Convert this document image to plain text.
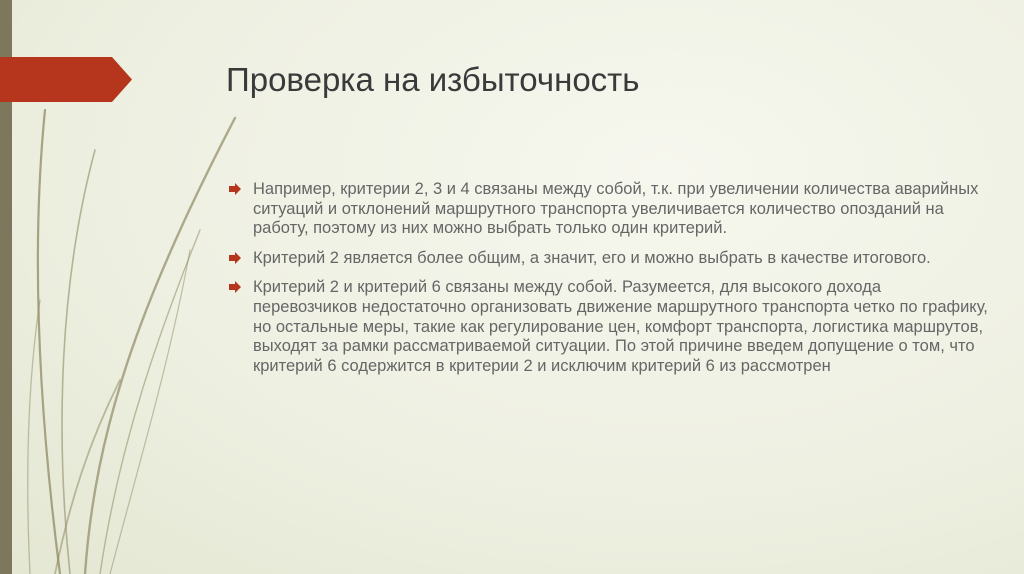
Проверка на избыточность
Например, критерии 2, 3 и 4 связаны между собой, т.к. при увеличении количества аварийных ситуаций и отклонений маршрутного транспорта увеличивается количество опозданий на работу, поэтому из них можно выбрать только один критерий.
Критерий 2 является более общим, а значит, его и можно выбрать в качестве итогового.
Критерий 2 и критерий 6 связаны между собой. Разумеется, для высокого дохода перевозчиков недостаточно организовать движение маршрутного транспорта четко по графику, но остальные меры, такие как регулирование цен, комфорт транспорта, логистика маршрутов, выходят за рамки рассматриваемой ситуации. По этой причине введем допущение о том, что критерий 6 содержится в критерии 2 и исключим критерий 6 из рассмотрен
